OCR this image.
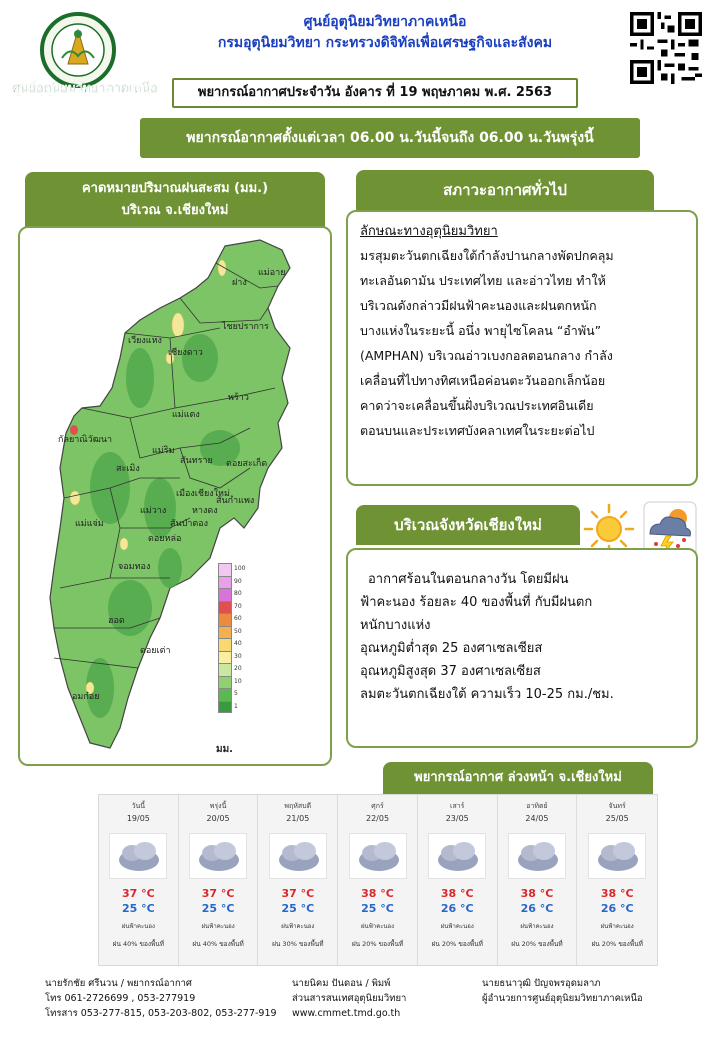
ศูนย์อุตุนิยมวิทยาภาคเหนือ
ศูนย์อุตุนิยมวิทยาภาคเหนือ
กรมอุตุนิยมวิทยา กระทรวงดิจิทัลเพื่อเศรษฐกิจและสังคม
พยากรณ์อากาศประจำวัน อังคาร ที่ 19 พฤษภาคม พ.ศ. 2563
พยากรณ์อากาศตั้งแต่เวลา 06.00 น.วันนี้จนถึง 06.00 น.วันพรุ่งนี้
คาดหมายปริมาณฝนสะสม (มม.)
บริเวณ จ.เชียงใหม่
แม่อาย
ฝาง
ไชยปราการ
เวียงแหง
เชียงดาว
พร้าว
แม่แตง
กัลยาณิวัฒนา
สะเมิง
แม่ริม
สันทราย ดอยสะเก็ด
เมืองเชียงใหม่
สันกำแพง
แม่แจ่ม
แม่วาง	หางดง
สันป่าตอง
ดอยหล่อ
จอมทอง
ฮอด
ดอยเต่า
อมก๋อย
100
90
80
70
60
50
40
30
20
10
5
1
มม.
สภาวะอากาศทั่วไป
ลักษณะทางอุตุนิยมวิทยา
มรสุมตะวันตกเฉียงใต้กำลังปานกลางพัดปกคลุม
ทะเลอันดามัน ประเทศไทย และอ่าวไทย ทำให้
บริเวณดังกล่าวมีฝนฟ้าคะนองและฝนตกหนัก
บางแห่งในระยะนี้ อนึ่ง พายุไซโคลน “อำพัน”
(AMPHAN) บริเวณอ่าวเบงกอลตอนกลาง กำลัง
เคลื่อนที่ไปทางทิศเหนือค่อนตะวันออกเล็กน้อย
คาดว่าจะเคลื่อนขึ้นฝั่งบริเวณประเทศอินเดีย
ตอนบนและประเทศบังคลาเทศในระยะต่อไป
บริเวณจังหวัดเชียงใหม่
อากาศร้อนในตอนกลางวัน โดยมีฝน
ฟ้าคะนอง ร้อยละ 40 ของพื้นที่ กับมีฝนตก
หนักบางแห่ง
อุณหภูมิต่ำสุด 25 องศาเซลเซียส
อุณหภูมิสูงสุด 37 องศาเซลเซียส
ลมตะวันตกเฉียงใต้ ความเร็ว 10-25 กม./ชม.
พยากรณ์อากาศ ล่วงหน้า จ.เชียงใหม่
วันนี้
19/05
37 °C
25 °C
ฝนฟ้าคะนอง
ฝน 40% ของพื้นที่
พรุ่งนี้
20/05
37 °C
25 °C
ฝนฟ้าคะนอง
ฝน 40% ของพื้นที่
พฤหัสบดี
21/05
37 °C
25 °C
ฝนฟ้าคะนอง
ฝน 30% ของพื้นที่
ศุกร์
22/05
38 °C
25 °C
ฝนฟ้าคะนอง
ฝน 20% ของพื้นที่
เสาร์
23/05
38 °C
26 °C
ฝนฟ้าคะนอง
ฝน 20% ของพื้นที่
อาทิตย์
24/05
38 °C
26 °C
ฝนฟ้าคะนอง
ฝน 20% ของพื้นที่
จันทร์
25/05
38 °C
26 °C
ฝนฟ้าคะนอง
ฝน 20% ของพื้นที่
นายรักชัย ศรีนวน / พยากรณ์อากาศ
โทร 061-2726699 , 053-277919
โทรสาร 053-277-815, 053-203-802, 053-277-919
นายนิคม ปันดอน / พิมพ์
ส่วนสารสนเทศอุตุนิยมวิทยา
www.cmmet.tmd.go.th
นายธนาวุฒิ ปัญจพรอุดมลาภ
ผู้อำนวยการศูนย์อุตุนิยมวิทยาภาคเหนือ
